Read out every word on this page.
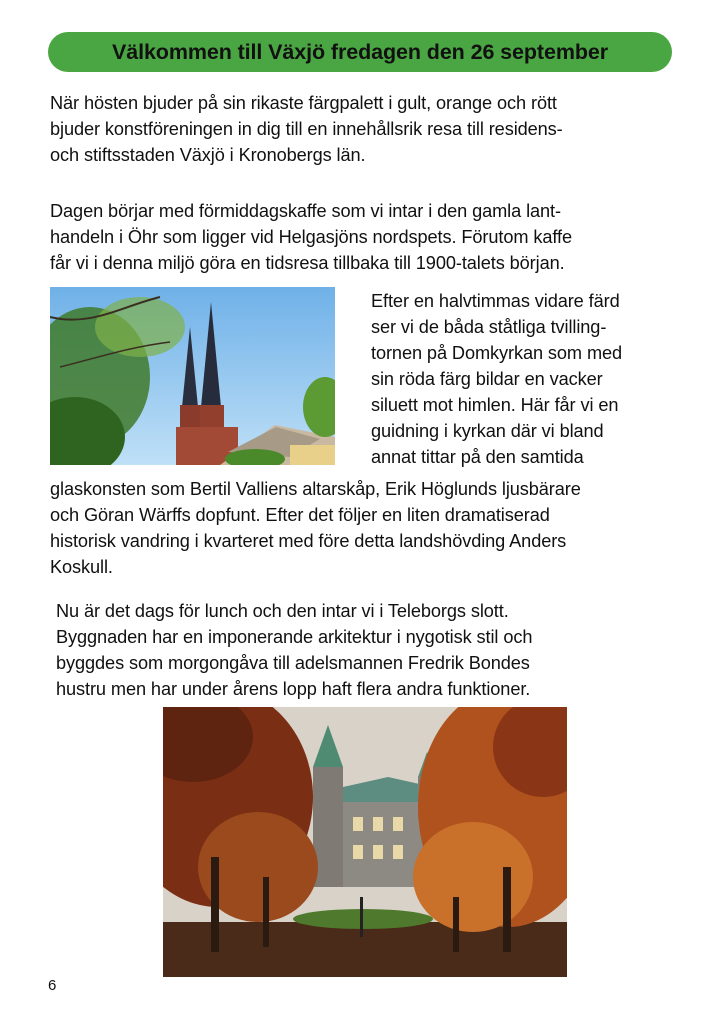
Välkommen till Växjö fredagen den 26 september

När hösten bjuder på sin rikaste färgpalett i gult, orange och rött
bjuder konstföreningen in dig till en innehållsrik resa till residens-
och stiftsstaden Växjö i Kronobergs län.

Dagen börjar med förmiddagskaffe som vi intar i den gamla lant-
handeln i Öhr som ligger vid Helgasjöns nordspets. Förutom kaffe
får vi i denna miljö göra en tidsresa tillbaka till 1900-talets början.

Efter en halvtimmas vidare färd
ser vi de båda ståtliga tvilling-
tornen på Domkyrkan som med
sin röda färg bildar en vacker
siluett mot himlen. Här får vi en
guidning i kyrkan där vi bland
annat tittar på den samtida

glaskonsten som Bertil Valliens altarskåp, Erik Höglunds ljusbärare
och Göran Wärffs dopfunt. Efter det följer en liten dramatiserad
historisk vandring i kvarteret med före detta landshövding Anders
Koskull.

Nu är det dags för lunch och den intar vi i Teleborgs slott.
Byggnaden har en imponerande arkitektur i nygotisk stil och
byggdes som morgongåva till adelsmannen Fredrik Bondes
hustru men har under årens lopp haft flera andra funktioner.

6
